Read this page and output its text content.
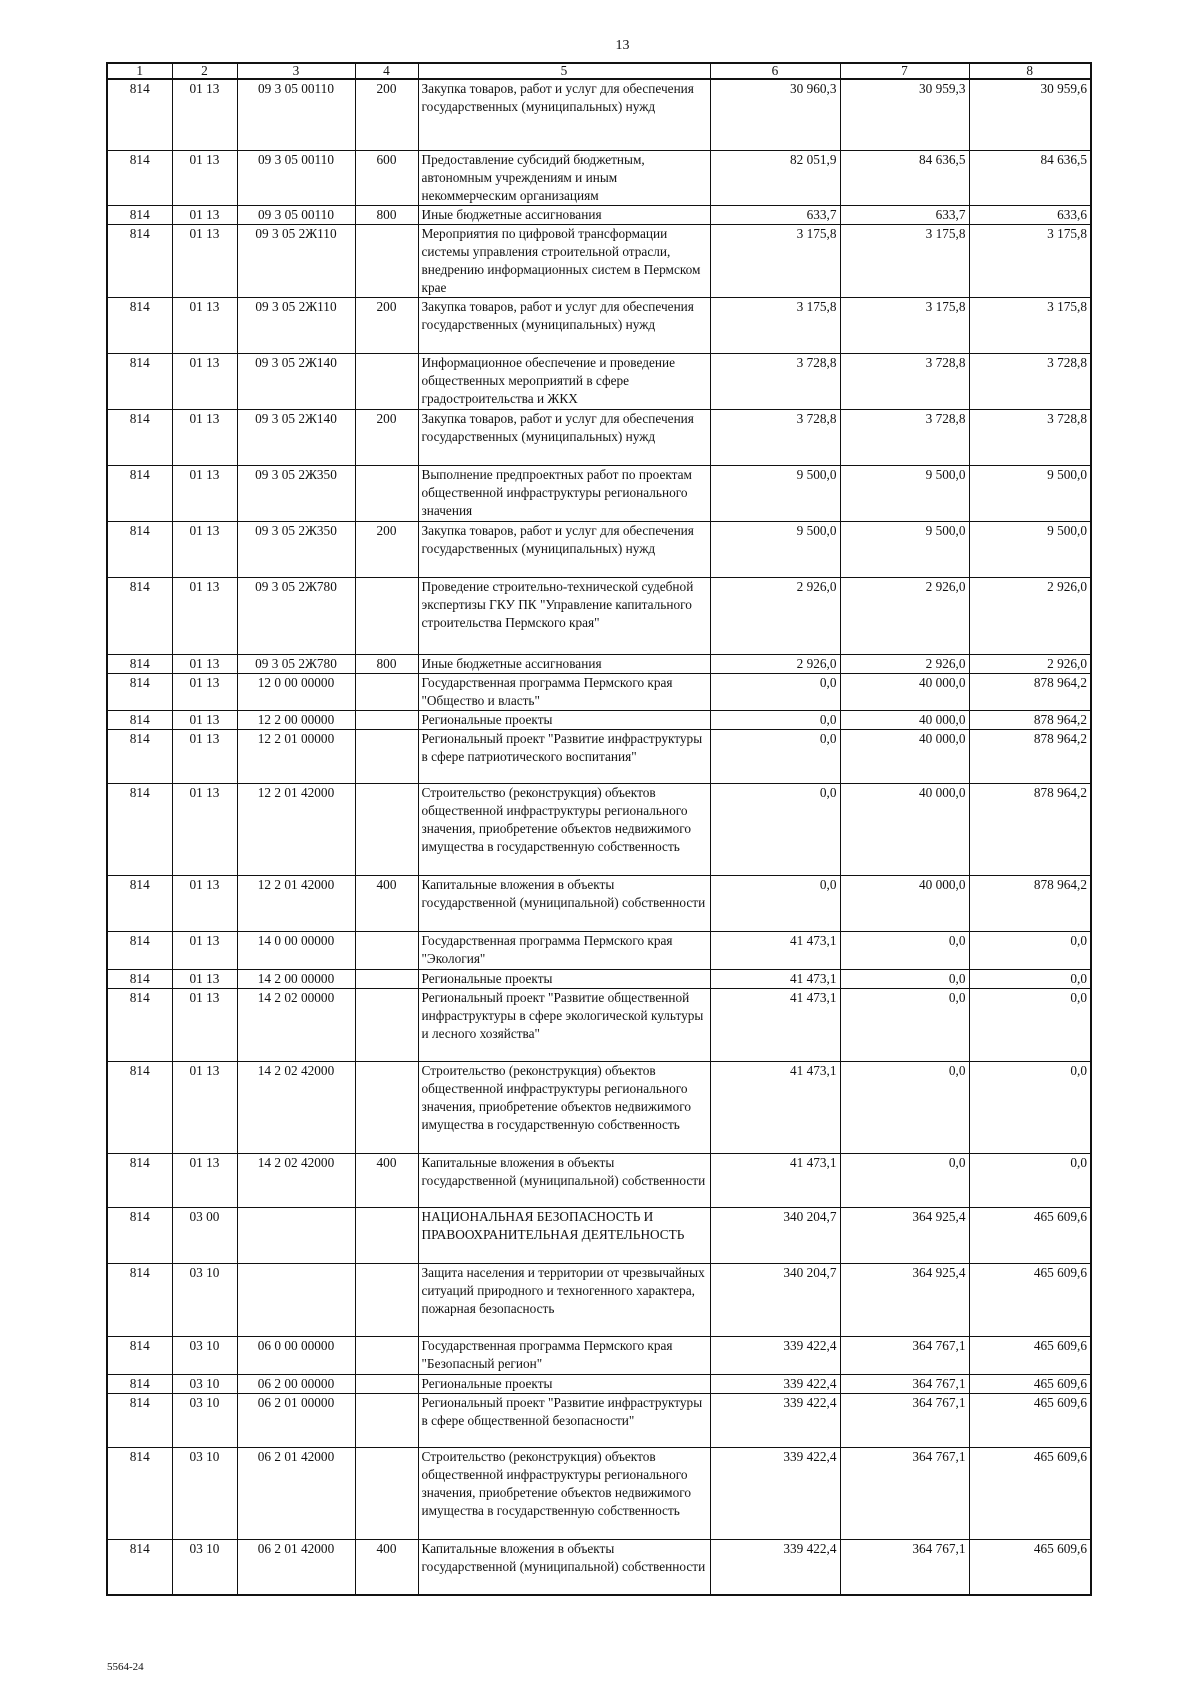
13
1	2	3	4	5	6	7	8
814	01 13	09 3 05 00110	200	Закупка товаров, работ и услуг для обеспечения государственных (муниципальных) нужд	30 960,3	30 959,3	30 959,6
814	01 13	09 3 05 00110	600	Предоставление субсидий бюджетным, автономным учреждениям и иным некоммерческим организациям	82 051,9	84 636,5	84 636,5
814	01 13	09 3 05 00110	800	Иные бюджетные ассигнования	633,7	633,7	633,6
814	01 13	09 3 05 2Ж110		Мероприятия по цифровой трансформации системы управления строительной отрасли, внедрению информационных систем в Пермском крае	3 175,8	3 175,8	3 175,8
814	01 13	09 3 05 2Ж110	200	Закупка товаров, работ и услуг для обеспечения государственных (муниципальных) нужд	3 175,8	3 175,8	3 175,8
814	01 13	09 3 05 2Ж140		Информационное обеспечение и проведение общественных мероприятий в сфере градостроительства и ЖКХ	3 728,8	3 728,8	3 728,8
814	01 13	09 3 05 2Ж140	200	Закупка товаров, работ и услуг для обеспечения государственных (муниципальных) нужд	3 728,8	3 728,8	3 728,8
814	01 13	09 3 05 2Ж350		Выполнение предпроектных работ по проектам общественной инфраструктуры регионального значения	9 500,0	9 500,0	9 500,0
814	01 13	09 3 05 2Ж350	200	Закупка товаров, работ и услуг для обеспечения государственных (муниципальных) нужд	9 500,0	9 500,0	9 500,0
814	01 13	09 3 05 2Ж780		Проведение строительно-технической судебной экспертизы ГКУ ПК "Управление капитального строительства Пермского края"	2 926,0	2 926,0	2 926,0
814	01 13	09 3 05 2Ж780	800	Иные бюджетные ассигнования	2 926,0	2 926,0	2 926,0
814	01 13	12 0 00 00000		Государственная программа Пермского края "Общество и власть"	0,0	40 000,0	878 964,2
814	01 13	12 2 00 00000		Региональные проекты	0,0	40 000,0	878 964,2
814	01 13	12 2 01 00000		Региональный проект "Развитие инфраструктуры в сфере патриотического воспитания"	0,0	40 000,0	878 964,2
814	01 13	12 2 01 42000		Строительство (реконструкция) объектов общественной инфраструктуры регионального значения, приобретение объектов недвижимого имущества в государственную собственность	0,0	40 000,0	878 964,2
814	01 13	12 2 01 42000	400	Капитальные вложения в объекты государственной (муниципальной) собственности	0,0	40 000,0	878 964,2
814	01 13	14 0 00 00000		Государственная программа Пермского края "Экология"	41 473,1	0,0	0,0
814	01 13	14 2 00 00000		Региональные проекты	41 473,1	0,0	0,0
814	01 13	14 2 02 00000		Региональный проект "Развитие общественной инфраструктуры в сфере экологической культуры и лесного хозяйства"	41 473,1	0,0	0,0
814	01 13	14 2 02 42000		Строительство (реконструкция) объектов общественной инфраструктуры регионального значения, приобретение объектов недвижимого имущества в государственную собственность	41 473,1	0,0	0,0
814	01 13	14 2 02 42000	400	Капитальные вложения в объекты государственной (муниципальной) собственности	41 473,1	0,0	0,0
814	03 00			НАЦИОНАЛЬНАЯ БЕЗОПАСНОСТЬ И ПРАВООХРАНИТЕЛЬНАЯ ДЕЯТЕЛЬНОСТЬ	340 204,7	364 925,4	465 609,6
814	03 10			Защита населения и территории от чрезвычайных ситуаций природного и техногенного характера, пожарная безопасность	340 204,7	364 925,4	465 609,6
814	03 10	06 0 00 00000		Государственная программа Пермского края "Безопасный регион"	339 422,4	364 767,1	465 609,6
814	03 10	06 2 00 00000		Региональные проекты	339 422,4	364 767,1	465 609,6
814	03 10	06 2 01 00000		Региональный проект "Развитие инфраструктуры в сфере общественной безопасности"	339 422,4	364 767,1	465 609,6
814	03 10	06 2 01 42000		Строительство (реконструкция) объектов общественной инфраструктуры регионального значения, приобретение объектов недвижимого имущества в государственную собственность	339 422,4	364 767,1	465 609,6
814	03 10	06 2 01 42000	400	Капитальные вложения в объекты государственной (муниципальной) собственности	339 422,4	364 767,1	465 609,6
5564-24
